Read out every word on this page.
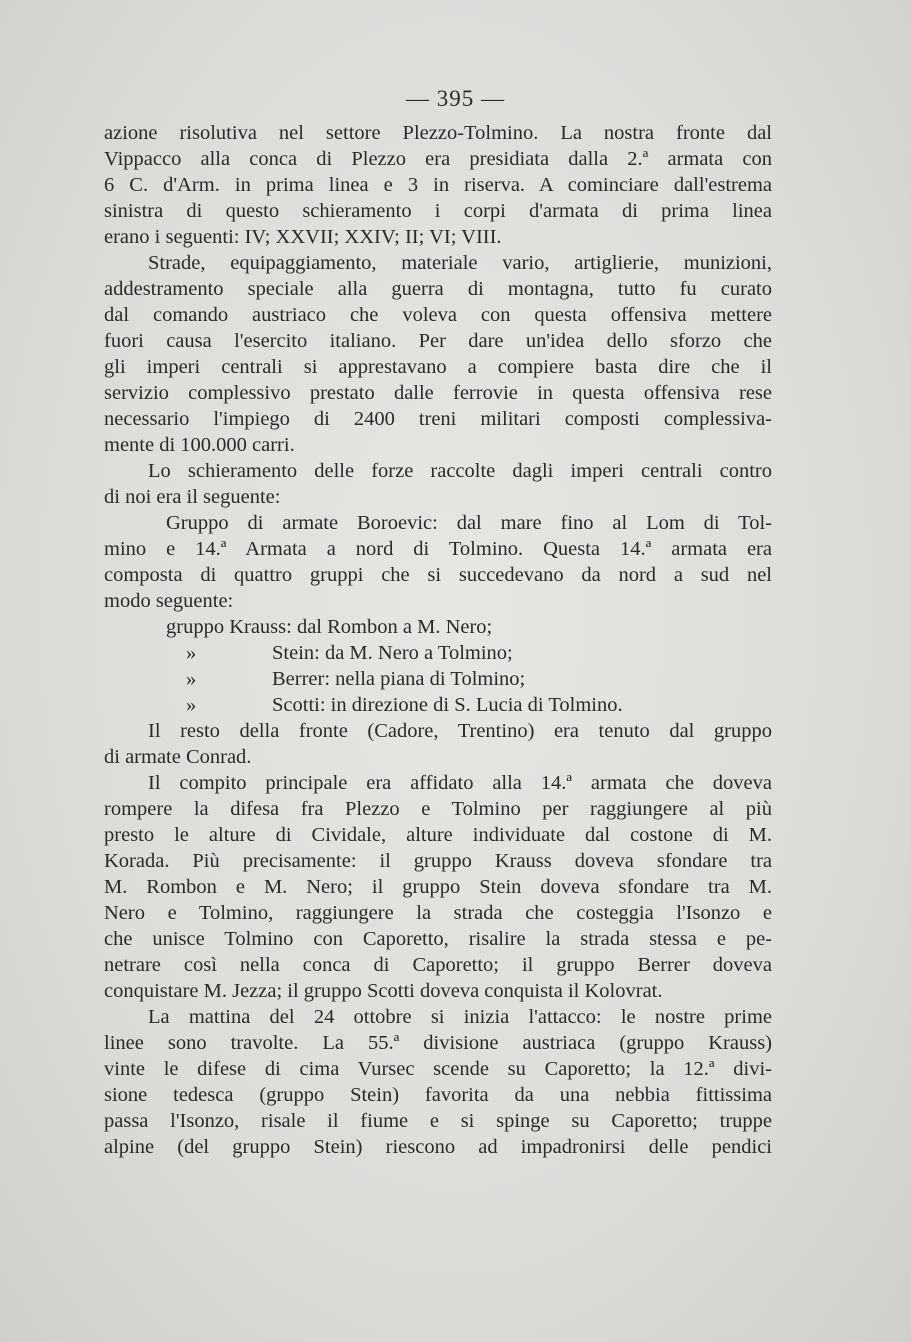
— 395 —
azione risolutiva nel settore Plezzo-Tolmino. La nostra fronte dal
Vippacco alla conca di Plezzo era presidiata dalla 2.ª armata con
6 C. d'Arm. in prima linea e 3 in riserva. A cominciare dall'estrema
sinistra di questo schieramento i corpi d'armata di prima linea
erano i seguenti: IV; XXVII; XXIV; II; VI; VIII.
Strade, equipaggiamento, materiale vario, artiglierie, munizioni,
addestramento speciale alla guerra di montagna, tutto fu curato
dal comando austriaco che voleva con questa offensiva mettere
fuori causa l'esercito italiano. Per dare un'idea dello sforzo che
gli imperi centrali si apprestavano a compiere basta dire che il
servizio complessivo prestato dalle ferrovie in questa offensiva rese
necessario l'impiego di 2400 treni militari composti complessiva-
mente di 100.000 carri.
Lo schieramento delle forze raccolte dagli imperi centrali contro
di noi era il seguente:
Gruppo di armate Boroevic: dal mare fino al Lom di Tol-
mino e 14.ª Armata a nord di Tolmino. Questa 14.ª armata era
composta di quattro gruppi che si succedevano da nord a sud nel
modo seguente:
gruppo Krauss: dal Rombon a M. Nero;
»	Stein: da M. Nero a Tolmino;
»	Berrer: nella piana di Tolmino;
»	Scotti: in direzione di S. Lucia di Tolmino.
Il resto della fronte (Cadore, Trentino) era tenuto dal gruppo
di armate Conrad.
Il compito principale era affidato alla 14.ª armata che doveva
rompere la difesa fra Plezzo e Tolmino per raggiungere al più
presto le alture di Cividale, alture individuate dal costone di M.
Korada. Più precisamente: il gruppo Krauss doveva sfondare tra
M. Rombon e M. Nero; il gruppo Stein doveva sfondare tra M.
Nero e Tolmino, raggiungere la strada che costeggia l'Isonzo e
che unisce Tolmino con Caporetto, risalire la strada stessa e pe-
netrare così nella conca di Caporetto; il gruppo Berrer doveva
conquistare M. Jezza; il gruppo Scotti doveva conquista il Kolovrat.
La mattina del 24 ottobre si inizia l'attacco: le nostre prime
linee sono travolte. La 55.ª divisione austriaca (gruppo Krauss)
vinte le difese di cima Vursec scende su Caporetto; la 12.ª divi-
sione tedesca (gruppo Stein) favorita da una nebbia fittissima
passa l'Isonzo, risale il fiume e si spinge su Caporetto; truppe
alpine (del gruppo Stein) riescono ad impadronirsi delle pendici
